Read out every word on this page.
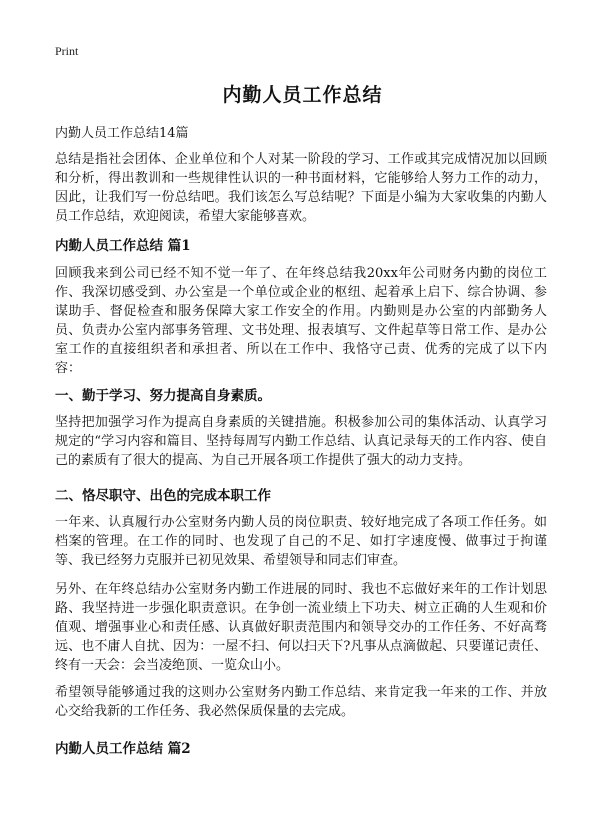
Print
内勤人员工作总结
内勤人员工作总结14篇

总结是指社会团体、企业单位和个人对某一阶段的学习、工作或其完成情况加以回顾和分析，得出教训和一些规律性认识的一种书面材料，它能够给人努力工作的动力，因此，让我们写一份总结吧。我们该怎么写总结呢？下面是小编为大家收集的内勤人员工作总结，欢迎阅读，希望大家能够喜欢。

内勤人员工作总结 篇1

回顾我来到公司已经不知不觉一年了、在年终总结我20xx年公司财务内勤的岗位工作、我深切感受到、办公室是一个单位或企业的枢纽、起着承上启下、综合协调、参谋助手、督促检查和服务保障大家工作安全的作用。内勤则是办公室的内部勤务人员、负责办公室内部事务管理、文书处理、报表填写、文件起草等日常工作、是办公室工作的直接组织者和承担者、所以在工作中、我恪守己责、优秀的完成了以下内容：

一、勤于学习、努力提高自身素质。

坚持把加强学习作为提高自身素质的关键措施。积极参加公司的集体活动、认真学习规定的“学习内容和篇目、坚持每周写内勤工作总结、认真记录每天的工作内容、使自己的素质有了很大的提高、为自己开展各项工作提供了强大的动力支持。

二、恪尽职守、出色的完成本职工作

一年来、认真履行办公室财务内勤人员的岗位职责、较好地完成了各项工作任务。如档案的管理。在工作的同时、也发现了自己的不足、如打字速度慢、做事过于拘谨等、我已经努力克服并已初见效果、希望领导和同志们审查。

另外、在年终总结办公室财务内勤工作进展的同时、我也不忘做好来年的工作计划思路、我坚持进一步强化职责意识。在争创一流业绩上下功夫、树立正确的人生观和价值观、增强事业心和责任感、认真做好职责范围内和领导交办的工作任务、不好高骛远、也不庸人自扰、因为：一屋不扫、何以扫天下?凡事从点滴做起、只要谨记责任、终有一天会：会当凌绝顶、一览众山小。

希望领导能够通过我的这则办公室财务内勤工作总结、来肯定我一年来的工作、并放心交给我新的工作任务、我必然保质保量的去完成。

内勤人员工作总结 篇2
